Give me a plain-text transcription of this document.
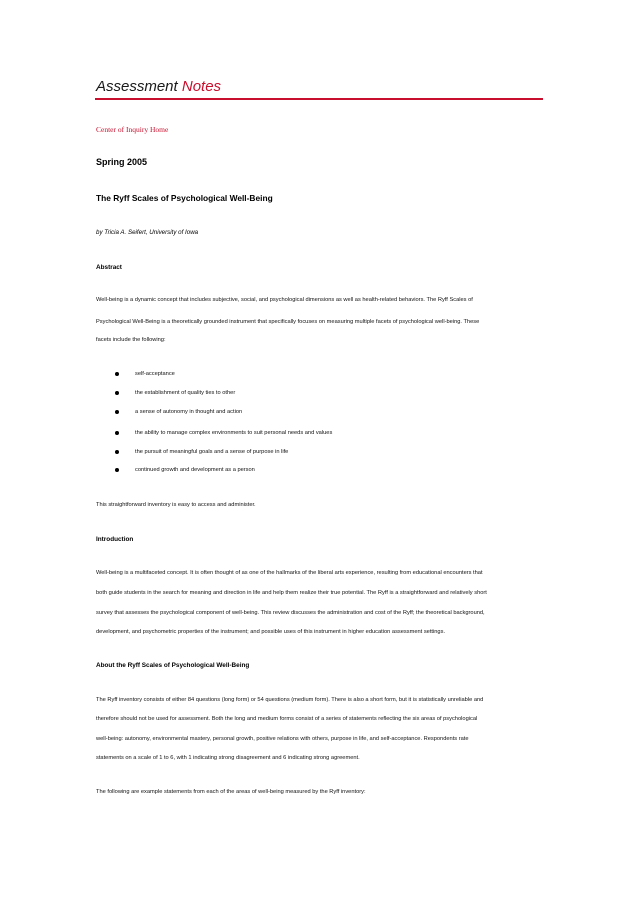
Assessment Notes
Center of Inquiry Home
Spring 2005
The Ryff Scales of Psychological Well-Being
by Tricia A. Seifert, University of Iowa
Abstract
Well-being is a dynamic concept that includes subjective, social, and psychological dimensions as well as health-related behaviors. The Ryff Scales of
Psychological Well-Being is a theoretically grounded instrument that specifically focuses on measuring multiple facets of psychological well-being. These
facets include the following:
self-acceptance
the establishment of quality ties to other
a sense of autonomy in thought and action
the ability to manage complex environments to suit personal needs and values
the pursuit of meaningful goals and a sense of purpose in life
continued growth and development as a person
This straightforward inventory is easy to access and administer.
Introduction
Well-being is a multifaceted concept. It is often thought of as one of the hallmarks of the liberal arts experience, resulting from educational encounters that
both guide students in the search for meaning and direction in life and help them realize their true potential. The Ryff is a straightforward and relatively short
survey that assesses the psychological component of well-being. This review discusses the administration and cost of the Ryff; the theoretical background,
development, and psychometric properties of the instrument; and possible uses of this instrument in higher education assessment settings.
About the Ryff Scales of Psychological Well-Being
The Ryff inventory consists of either 84 questions (long form) or 54 questions (medium form). There is also a short form, but it is statistically unreliable and
therefore should not be used for assessment. Both the long and medium forms consist of a series of statements reflecting the six areas of psychological
well-being: autonomy, environmental mastery, personal growth, positive relations with others, purpose in life, and self-acceptance. Respondents rate
statements on a scale of 1 to 6, with 1 indicating strong disagreement and 6 indicating strong agreement.
The following are example statements from each of the areas of well-being measured by the Ryff inventory:
